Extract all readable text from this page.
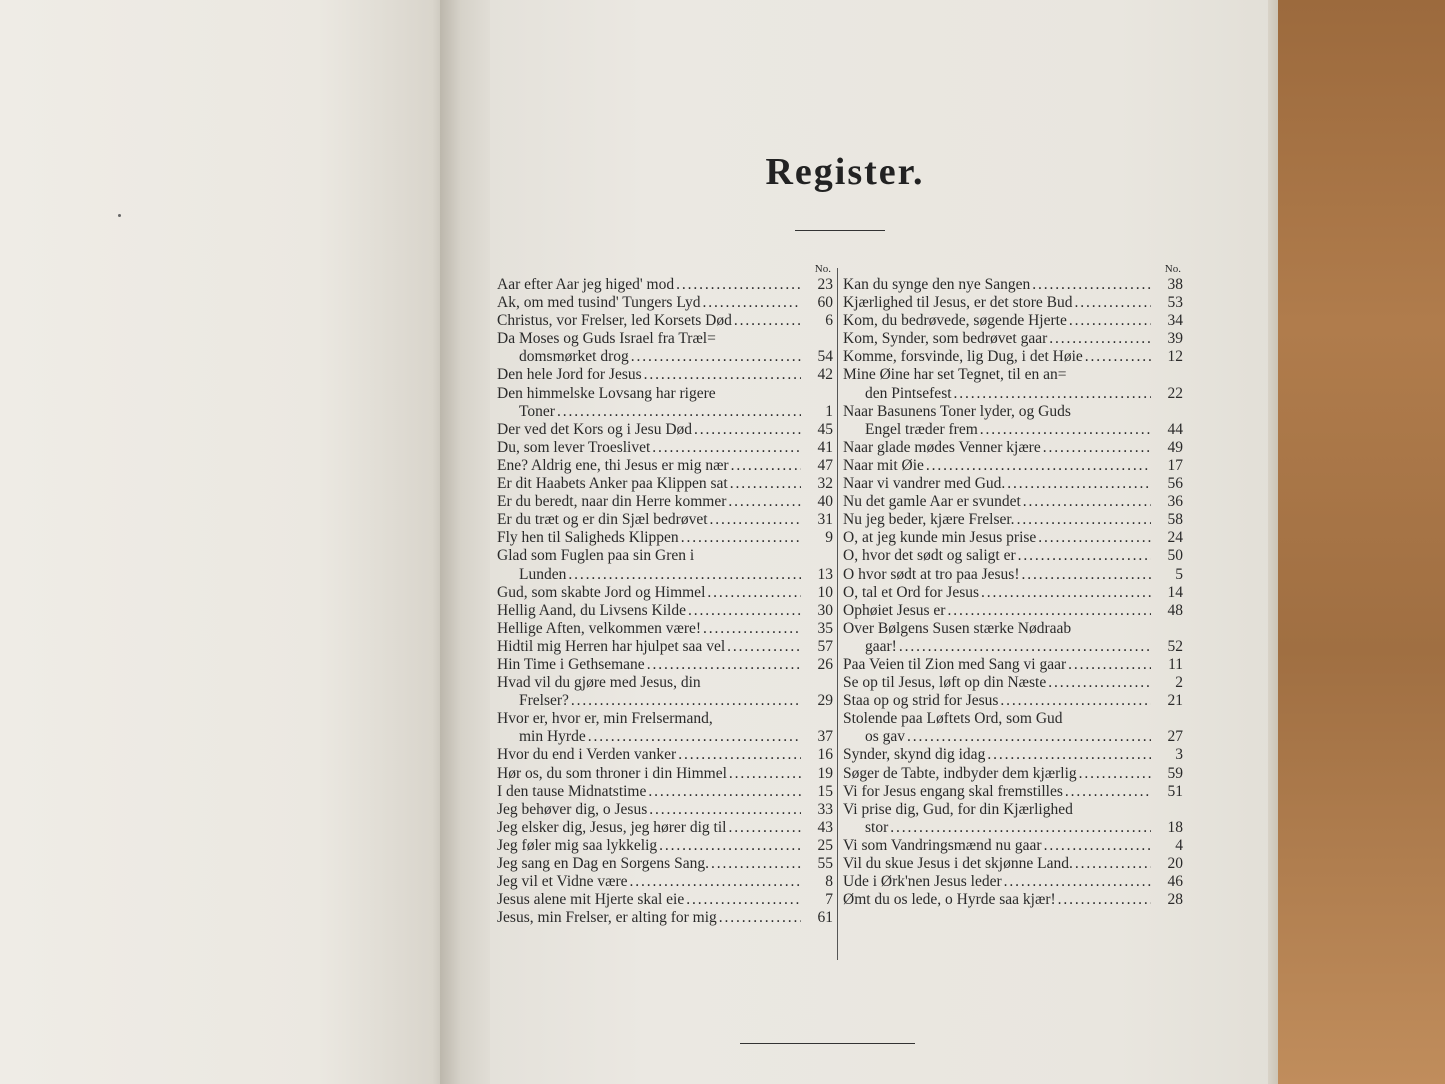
Register.
No.
Aar efter Aar jeg higed' mod . . .	23
Ak, om med tusind' Tungers Lyd . . .	60
Christus, vor Frelser, led Korsets Død . . .	6
Da Moses og Guds Israel fra Træl=
domsmørket drog . . .	54
Den hele Jord for Jesus . . .	42
Den himmelske Lovsang har rigere
Toner . . .	1
Der ved det Kors og i Jesu Død . . .	45
Du, som lever Troeslivet . . .	41
Ene? Aldrig ene, thi Jesus er mig nær . . .	47
Er dit Haabets Anker paa Klippen sat . . .	32
Er du beredt, naar din Herre kommer . . .	40
Er du træt og er din Sjæl bedrøvet . . .	31
Fly hen til Saligheds Klippen . . .	9
Glad som Fuglen paa sin Gren i
Lunden . . .	13
Gud, som skabte Jord og Himmel . . .	10
Hellig Aand, du Livsens Kilde . . .	30
Hellige Aften, velkommen være! . . .	35
Hidtil mig Herren har hjulpet saa vel . . .	57
Hin Time i Gethsemane . . .	26
Hvad vil du gjøre med Jesus, din
Frelser? . . .	29
Hvor er, hvor er, min Frelsermand,
min Hyrde . . .	37
Hvor du end i Verden vanker . . .	16
Hør os, du som throner i din Himmel . . .	19
I den tause Midnatstime . . .	15
Jeg behøver dig, o Jesus . . .	33
Jeg elsker dig, Jesus, jeg hører dig til . . .	43
Jeg føler mig saa lykkelig . . .	25
Jeg sang en Dag en Sorgens Sang. . . .	55
Jeg vil et Vidne være . . .	8
Jesus alene mit Hjerte skal eie . . .	7
Jesus, min Frelser, er alting for mig . . .	61
No.
Kan du synge den nye Sangen . . .	38
Kjærlighed til Jesus, er det store Bud . . .	53
Kom, du bedrøvede, søgende Hjerte . . .	34
Kom, Synder, som bedrøvet gaar . . .	39
Komme, forsvinde, lig Dug, i det Høie . . .	12
Mine Øine har set Tegnet, til en an=
den Pintsefest . . .	22
Naar Basunens Toner lyder, og Guds
Engel træder frem . . .	44
Naar glade mødes Venner kjære . . .	49
Naar mit Øie . . .	17
Naar vi vandrer med Gud. . . .	56
Nu det gamle Aar er svundet . . .	36
Nu jeg beder, kjære Frelser. . . .	58
O, at jeg kunde min Jesus prise . . .	24
O, hvor det sødt og saligt er . . .	50
O hvor sødt at tro paa Jesus! . . .	5
O, tal et Ord for Jesus . . .	14
Ophøiet Jesus er . . .	48
Over Bølgens Susen stærke Nødraab
gaar! . . .	52
Paa Veien til Zion med Sang vi gaar . . .	11
Se op til Jesus, løft op din Næste . . .	2
Staa op og strid for Jesus . . .	21
Stolende paa Løftets Ord, som Gud
os gav . . .	27
Synder, skynd dig idag . . .	3
Søger de Tabte, indbyder dem kjærlig . . .	59
Vi for Jesus engang skal fremstilles . . .	51
Vi prise dig, Gud, for din Kjærlighed
stor . . .	18
Vi som Vandringsmænd nu gaar . . .	4
Vil du skue Jesus i det skjønne Land. . . .	20
Ude i Ørk'nen Jesus leder . . .	46
Ømt du os lede, o Hyrde saa kjær! . . .	28
